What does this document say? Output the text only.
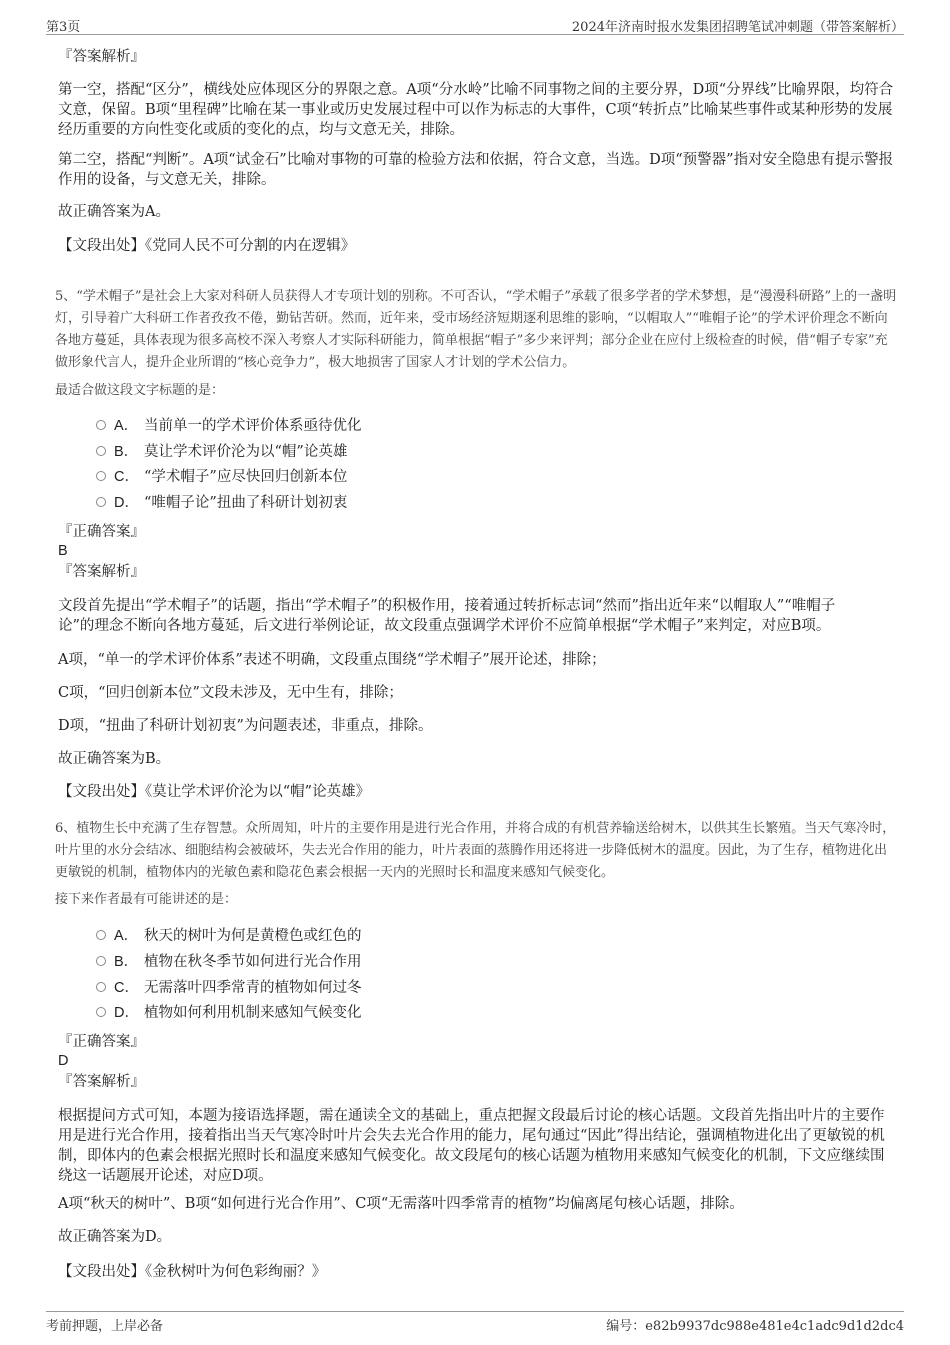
第3页	2024年济南时报水发集团招聘笔试冲刺题（带答案解析）

『答案解析』

第一空，搭配“区分”，横线处应体现区分的界限之意。A项“分水岭”比喻不同事物之间的主要分界，D项“分界线”比喻界限，均符合文意，保留。B项“里程碑”比喻在某一事业或历史发展过程中可以作为标志的大事件，C项“转折点”比喻某些事件或某种形势的发展经历重要的方向性变化或质的变化的点，均与文意无关，排除。

第二空，搭配“判断”。A项“试金石”比喻对事物的可靠的检验方法和依据，符合文意，当选。D项“预警器”指对安全隐患有提示警报作用的设备，与文意无关，排除。

故正确答案为A。

【文段出处】《党同人民不可分割的内在逻辑》

5、“学术帽子”是社会上大家对科研人员获得人才专项计划的别称。不可否认，“学术帽子”承载了很多学者的学术梦想，是“漫漫科研路”上的一盏明灯，引导着广大科研工作者孜孜不倦，勤钻苦研。然而，近年来，受市场经济短期逐利思维的影响，“以帽取人”“唯帽子论”的学术评价理念不断向各地方蔓延，具体表现为很多高校不深入考察人才实际科研能力，简单根据“帽子”多少来评判；部分企业在应付上级检查的时候，借“帽子专家”充做形象代言人，提升企业所谓的“核心竞争力”，极大地损害了国家人才计划的学术公信力。

最适合做这段文字标题的是：

A． 当前单一的学术评价体系亟待优化
B． 莫让学术评价沦为以“帽”论英雄
C． “学术帽子”应尽快回归创新本位
D． “唯帽子论”扭曲了科研计划初衷

『正确答案』

B

『答案解析』

文段首先提出“学术帽子”的话题，指出“学术帽子”的积极作用，接着通过转折标志词“然而”指出近年来“以帽取人”“唯帽子论”的理念不断向各地方蔓延，后文进行举例论证，故文段重点强调学术评价不应简单根据“学术帽子”来判定，对应B项。

A项，“单一的学术评价体系”表述不明确，文段重点围绕“学术帽子”展开论述，排除；

C项，“回归创新本位”文段未涉及，无中生有，排除；

D项，“扭曲了科研计划初衷”为问题表述，非重点，排除。

故正确答案为B。

【文段出处】《莫让学术评价沦为以“帽”论英雄》

6、植物生长中充满了生存智慧。众所周知，叶片的主要作用是进行光合作用，并将合成的有机营养输送给树木，以供其生长繁殖。当天气寒冷时，叶片里的水分会结冰、细胞结构会被破坏，失去光合作用的能力，叶片表面的蒸腾作用还将进一步降低树木的温度。因此，为了生存，植物进化出更敏锐的机制，植物体内的光敏色素和隐花色素会根据一天内的光照时长和温度来感知气候变化。

接下来作者最有可能讲述的是：

A． 秋天的树叶为何是黄橙色或红色的
B． 植物在秋冬季节如何进行光合作用
C． 无需落叶四季常青的植物如何过冬
D． 植物如何利用机制来感知气候变化

『正确答案』

D

『答案解析』

根据提问方式可知，本题为接语选择题，需在通读全文的基础上，重点把握文段最后讨论的核心话题。文段首先指出叶片的主要作用是进行光合作用，接着指出当天气寒冷时叶片会失去光合作用的能力，尾句通过“因此”得出结论，强调植物进化出了更敏锐的机制，即体内的色素会根据光照时长和温度来感知气候变化。故文段尾句的核心话题为植物用来感知气候变化的机制，下文应继续围绕这一话题展开论述，对应D项。

A项“秋天的树叶”、B项“如何进行光合作用”、C项“无需落叶四季常青的植物”均偏离尾句核心话题，排除。

故正确答案为D。

【文段出处】《金秋树叶为何色彩绚丽？》

考前押题，上岸必备	编号：e82b9937dc988e481e4c1adc9d1d2dc4
